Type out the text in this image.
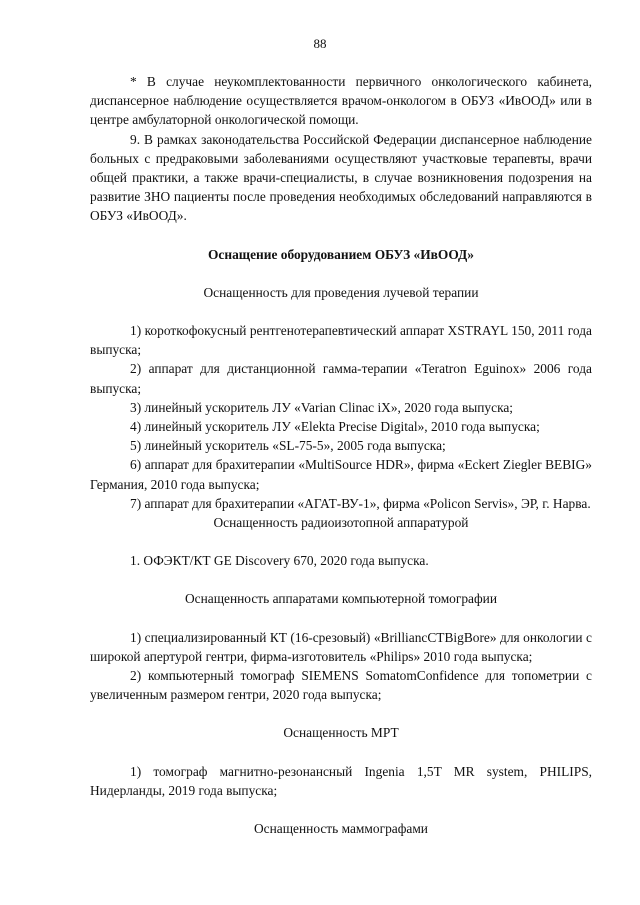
88

* В случае неукомплектованности первичного онкологического кабинета, диспансерное наблюдение осуществляется врачом-онкологом в ОБУЗ «ИвООД» или в центре амбулаторной онкологической помощи.

9. В рамках законодательства Российской Федерации диспансерное наблюдение больных с предраковыми заболеваниями осуществляют участковые терапевты, врачи общей практики, а также врачи-специалисты, в случае возникновения подозрения на развитие ЗНО пациенты после проведения необходимых обследований направляются в ОБУЗ «ИвООД».

Оснащение оборудованием ОБУЗ «ИвООД»

Оснащенность для проведения лучевой терапии

1) короткофокусный рентгенотерапевтический аппарат XSTRAYL 150, 2011 года выпуска;

2) аппарат для дистанционной гамма-терапии «Teratron Eguinox» 2006 года выпуска;

3) линейный ускоритель ЛУ «Varian Clinac iX», 2020 года выпуска;

4) линейный ускоритель ЛУ «Elekta Precise Digital», 2010 года выпуска;

5) линейный ускоритель «SL-75-5», 2005 года выпуска;

6) аппарат для брахитерапии «MultiSource HDR», фирма «Eckert Ziegler BEBIG» Германия, 2010 года выпуска;

7) аппарат для брахитерапии «АГАТ-ВУ-1», фирма «Policon Servis», ЭР, г. Нарва.

Оснащенность радиоизотопной аппаратурой

1. ОФЭКТ/КТ GE Discovery 670, 2020 года выпуска.

Оснащенность аппаратами компьютерной томографии

1) специализированный КТ (16-срезовый) «BrilliancCTBigBore» для онкологии с широкой апертурой гентри, фирма-изготовитель «Philips» 2010 года выпуска;

2) компьютерный томограф SIEMENS SomatomConfidence для топометрии с увеличенным размером гентри, 2020 года выпуска;

Оснащенность МРТ

1) томограф магнитно-резонансный Ingenia 1,5T MR system, PHILIPS, Нидерланды, 2019 года выпуска;

Оснащенность маммографами
